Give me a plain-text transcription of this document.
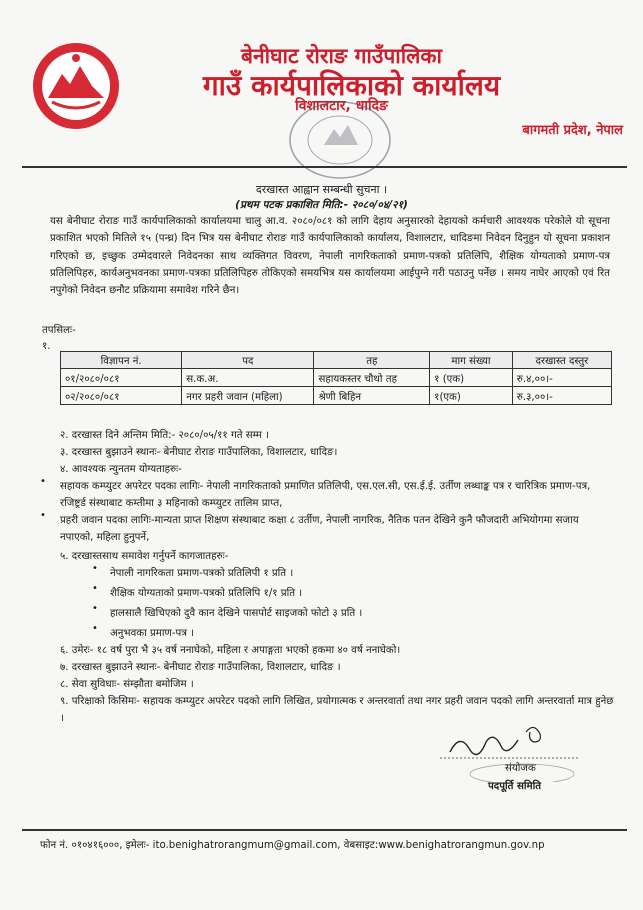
बेनीघाट रोराङ गाउँपालिका
गाउँ कार्यपालिकाको कार्यालय
विशालटार, धादिङ
बागमती प्रदेश, नेपाल
दरखास्त आह्वान सम्बन्धी सुचना ।
(प्रथम पटक प्रकाशित मिति:- २०८०/०४/२१)
यस बेनीघाट रोराङ गाउँ कार्यपालिकाको कार्यालयमा चालु आ.व. २०८०/०८१ को लागि देहाय अनुसारको देहायको कर्मचारी आवश्यक परेकोले यो सूचना प्रकाशित भएको मितिले १५ (पन्ध्र) दिन भित्र यस बेनीघाट रोराङ गाउँ कार्यपालिकाको कार्यालय, विशालटार, धादिङमा निवेदन दिनुहुन यो सूचना प्रकाशन गरिएको छ, इच्छुक उम्मेदवारले निवेदनका साथ व्यक्तिगत विवरण, नेपाली नागरिकताको प्रमाण-पत्रको प्रतिलिपि, शैक्षिक योग्यताको प्रमाण-पत्र प्रतिलिपिहरु, कार्यअनुभवनका प्रमाण-पत्रका प्रतिलिपिहरु तोकिएको समयभित्र यस कार्यालयमा आईपुग्ने गरी पठाउनु पर्नेछ । समय नाघेर आएको एवं रित नपुगेको निवेदन छनौट प्रक्रियामा समावेश गरिने छैन।
तपसिलः-
१.
विज्ञापन नं.	पद	तह	माग संख्या	दरखास्त दस्तुर
०१/२०८०/०८१	स.क.अ.	सहायकस्तर चौथो तह	१ (एक)	रु.४,००।-
०२/२०८०/०८१	नगर प्रहरी जवान (महिला)	श्रेणी बिहिन	१(एक)	रु.३,००।-
२. दरखास्त दिने अन्तिम मिति:- २०८०/०५/११ गते सम्म ।
३. दरखास्त बुझाउने स्थानः- बेनीघाट रोराङ गाउँपालिका, विशालटार, धादिङ।
४. आवश्यक न्युनतम योग्यताहरुः-
• सहायक कम्प्युटर अपरेटर पदका लागिः- नेपाली नागरिकताको प्रमाणित प्रतिलिपी, एस.एल.सी, एस.ई.ई. उर्तीण लब्धाङ्क पत्र र चारित्रिक प्रमाण-पत्र, रजिष्ट्रर्ड संस्थाबाट कम्तीमा ३ महिनाको कम्प्युटर तालिम प्राप्त,
• प्रहरी जवान पदका लागिः-मान्यता प्राप्त शिक्षण संस्थाबाट कक्षा ८ उर्तीण, नेपाली नागरिक, नैतिक पतन देखिने कुनै फौजदारी अभियोगमा सजाय नपाएको, महिला हुनुपर्ने,
५. दरखास्तसाथ समावेश गर्नुपर्ने कागजातहरुः-
• नेपाली नागरिकता प्रमाण-पत्रको प्रतिलिपी १ प्रति ।
• शैक्षिक योग्यताको प्रमाण-पत्रको प्रतिलिपि १/१ प्रति ।
• हालसालै खिचिएको दुवै कान देखिने पासपोर्ट साइजको फोटो ३ प्रति ।
• अनुभवका प्रमाण-पत्र ।
६. उमेरः- १८ वर्ष पुरा भै ३५ वर्ष ननाघेको, महिला र अपाङ्गता भएको हकमा ४० वर्ष ननाघेको।
७. दरखास्त बुझाउने स्थानः- बेनीघाट रोराङ गाउँपालिका, विशालटार, धादिङ ।
८. सेवा सुविधाः- संम्झौता बमोजिम ।
९. परिक्षाको किसिमः- सहायक कम्प्युटर अपरेटर पदको लागि लिखित, प्रयोगात्मक र अन्तरवार्ता तथा नगर प्रहरी जवान पदको लागि अन्तरवार्ता मात्र हुनेछ ।
संयोजक
पदपूर्ति समिति
फोन नं. ०१०४१६०००, इमेलः- ito.benighatrorangmum@gmail.com, वेबसाइट:www.benighatrorangmun.gov.np
